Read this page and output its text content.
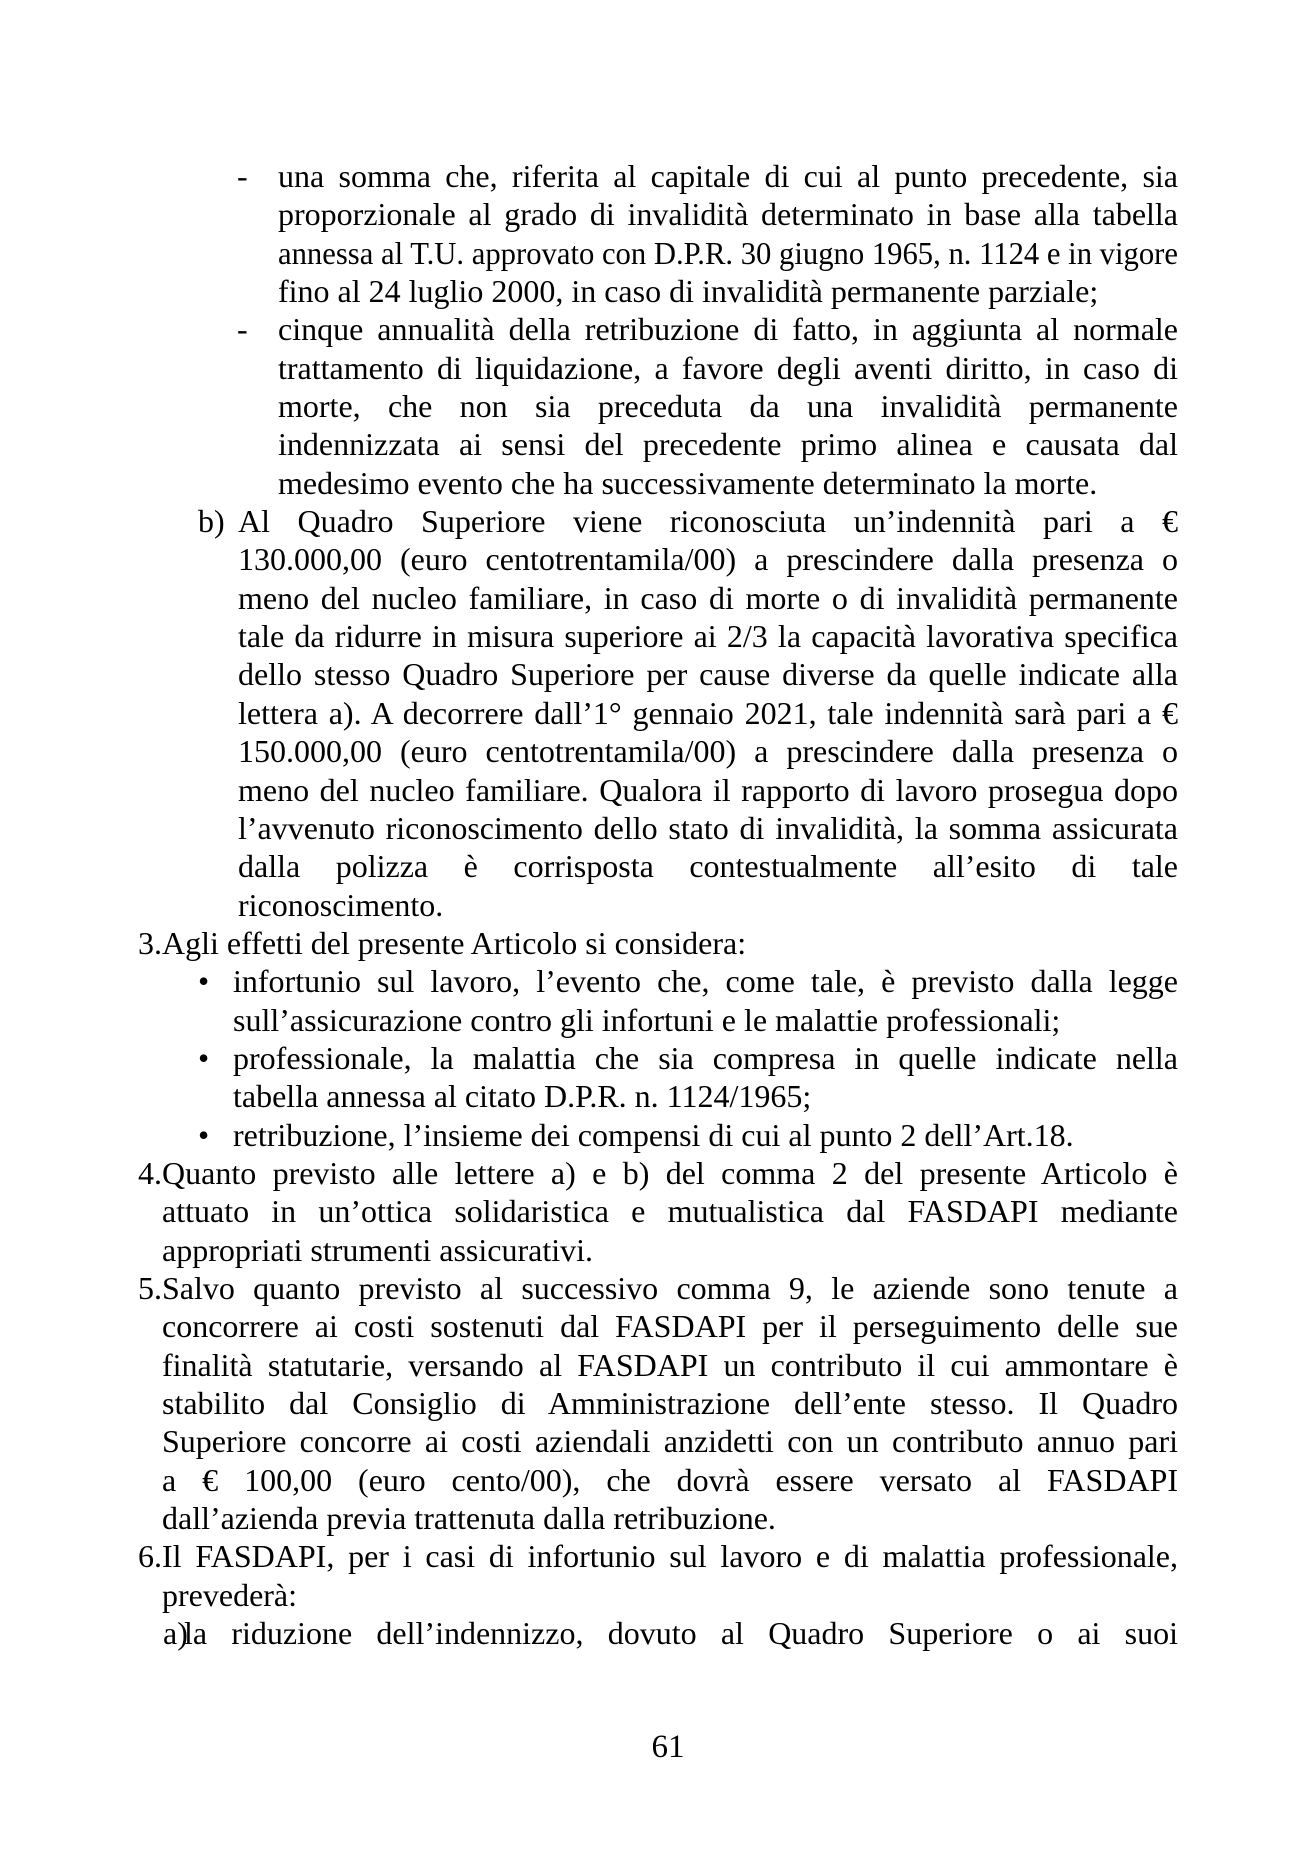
- una somma che, riferita al capitale di cui al punto precedente, sia
proporzionale al grado di invalidità determinato in base alla tabella
annessa al T.U. approvato con D.P.R. 30 giugno 1965, n. 1124 e in vigore
fino al 24 luglio 2000, in caso di invalidità permanente parziale;
- cinque annualità della retribuzione di fatto, in aggiunta al normale
trattamento di liquidazione, a favore degli aventi diritto, in caso di
morte, che non sia preceduta da una invalidità permanente
indennizzata ai sensi del precedente primo alinea e causata dal
medesimo evento che ha successivamente determinato la morte.
b) Al Quadro Superiore viene riconosciuta un’indennità pari a €
130.000,00 (euro centotrentamila/00) a prescindere dalla presenza o
meno del nucleo familiare, in caso di morte o di invalidità permanente
tale da ridurre in misura superiore ai 2/3 la capacità lavorativa specifica
dello stesso Quadro Superiore per cause diverse da quelle indicate alla
lettera a). A decorrere dall’1° gennaio 2021, tale indennità sarà pari a €
150.000,00 (euro centotrentamila/00) a prescindere dalla presenza o
meno del nucleo familiare. Qualora il rapporto di lavoro prosegua dopo
l’avvenuto riconoscimento dello stato di invalidità, la somma assicurata
dalla polizza è corrisposta contestualmente all’esito di tale
riconoscimento.
3. Agli effetti del presente Articolo si considera:
• infortunio sul lavoro, l’evento che, come tale, è previsto dalla legge
sull’assicurazione contro gli infortuni e le malattie professionali;
• professionale, la malattia che sia compresa in quelle indicate nella
tabella annessa al citato D.P.R. n. 1124/1965;
• retribuzione, l’insieme dei compensi di cui al punto 2 dell’Art.18.
4. Quanto previsto alle lettere a) e b) del comma 2 del presente Articolo è
attuato in un’ottica solidaristica e mutualistica dal FASDAPI mediante
appropriati strumenti assicurativi.
5. Salvo quanto previsto al successivo comma 9, le aziende sono tenute a
concorrere ai costi sostenuti dal FASDAPI per il perseguimento delle sue
finalità statutarie, versando al FASDAPI un contributo il cui ammontare è
stabilito dal Consiglio di Amministrazione dell’ente stesso. Il Quadro
Superiore concorre ai costi aziendali anzidetti con un contributo annuo pari
a € 100,00 (euro cento/00), che dovrà essere versato al FASDAPI
dall’azienda previa trattenuta dalla retribuzione.
6. Il FASDAPI, per i casi di infortunio sul lavoro e di malattia professionale,
prevederà:
a)
la riduzione dell’indennizzo, dovuto al Quadro Superiore o ai suoi
61
